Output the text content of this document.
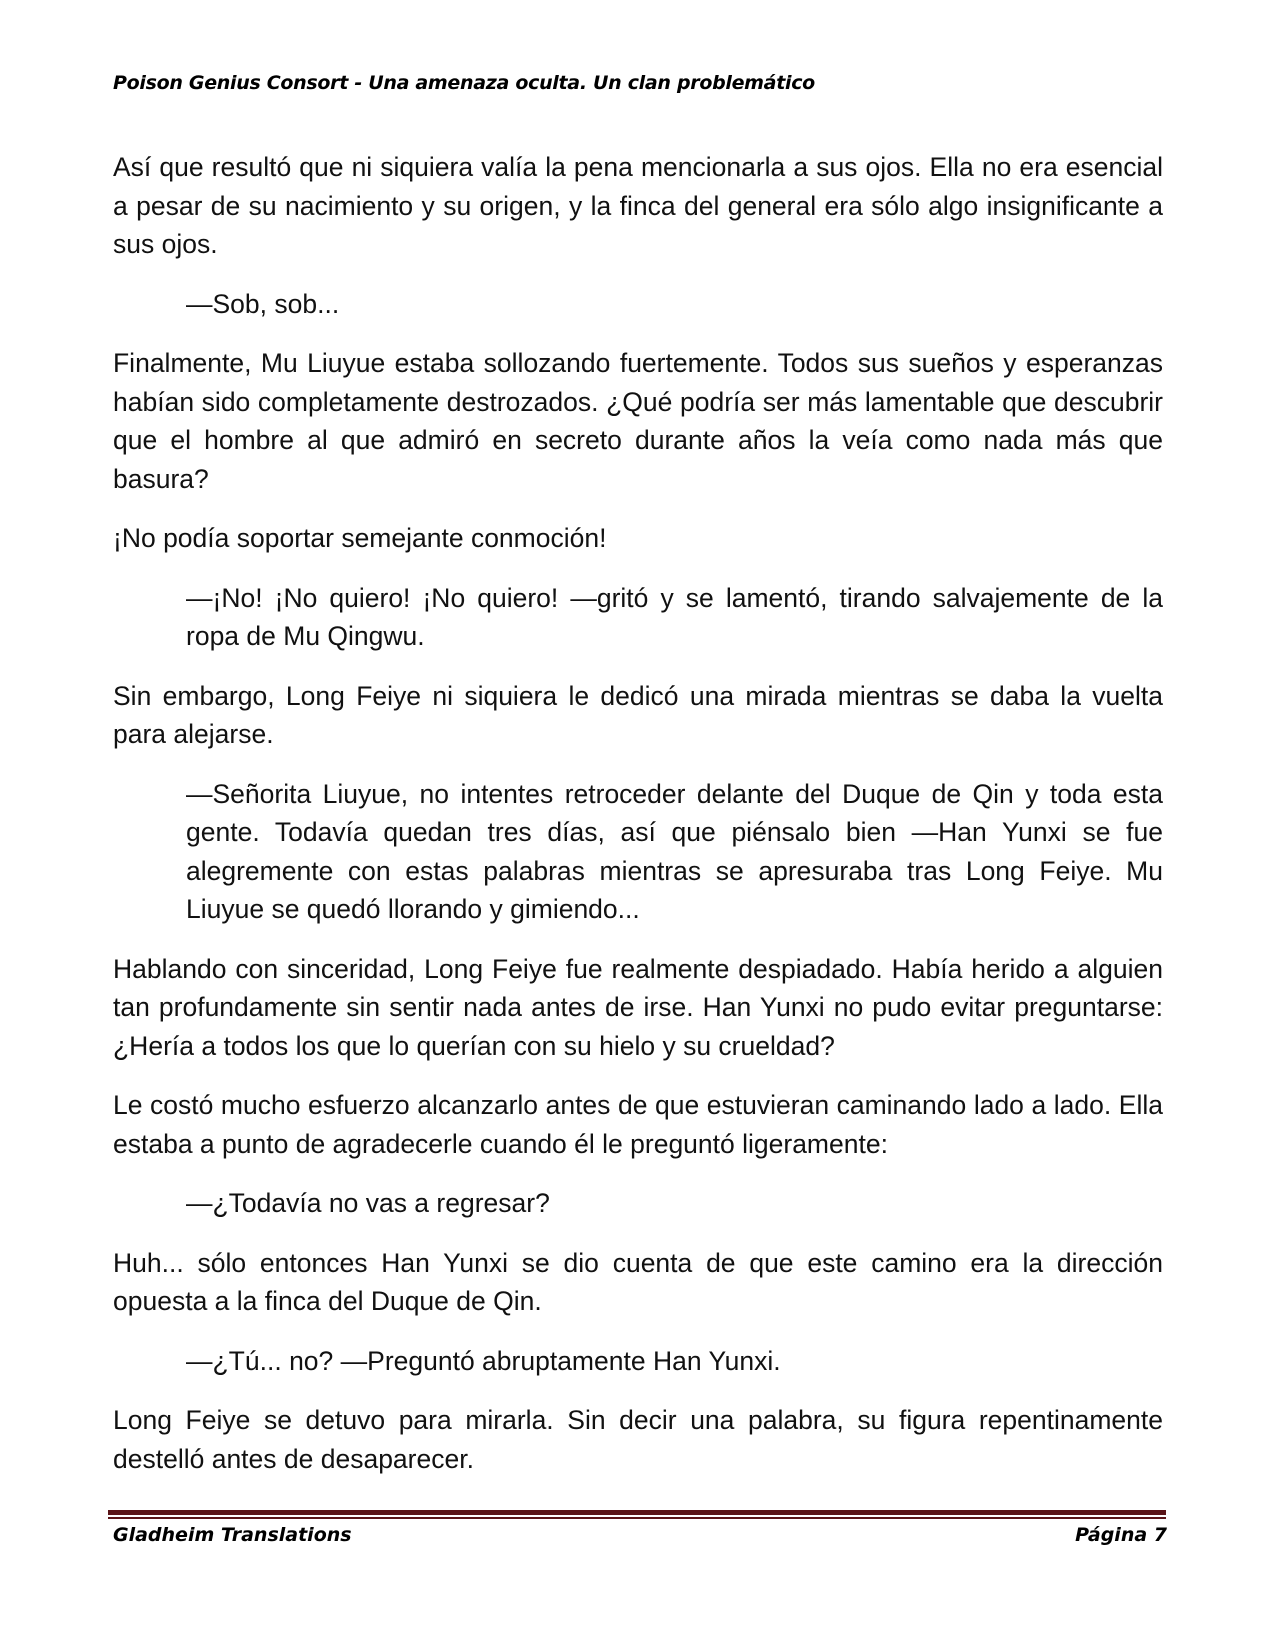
Poison Genius Consort - Una amenaza oculta. Un clan problemático

Así que resultó que ni siquiera valía la pena mencionarla a sus ojos. Ella no era esencial a pesar de su nacimiento y su origen, y la finca del general era sólo algo insignificante a sus ojos.

—Sob, sob...

Finalmente, Mu Liuyue estaba sollozando fuertemente. Todos sus sueños y esperanzas habían sido completamente destrozados. ¿Qué podría ser más lamentable que descubrir que el hombre al que admiró en secreto durante años la veía como nada más que basura?

¡No podía soportar semejante conmoción!

—¡No! ¡No quiero! ¡No quiero! —gritó y se lamentó, tirando salvajemente de la ropa de Mu Qingwu.

Sin embargo, Long Feiye ni siquiera le dedicó una mirada mientras se daba la vuelta para alejarse.

—Señorita Liuyue, no intentes retroceder delante del Duque de Qin y toda esta gente. Todavía quedan tres días, así que piénsalo bien —Han Yunxi se fue alegremente con estas palabras mientras se apresuraba tras Long Feiye. Mu Liuyue se quedó llorando y gimiendo...

Hablando con sinceridad, Long Feiye fue realmente despiadado. Había herido a alguien tan profundamente sin sentir nada antes de irse. Han Yunxi no pudo evitar preguntarse: ¿Hería a todos los que lo querían con su hielo y su crueldad?

Le costó mucho esfuerzo alcanzarlo antes de que estuvieran caminando lado a lado. Ella estaba a punto de agradecerle cuando él le preguntó ligeramente:

—¿Todavía no vas a regresar?

Huh... sólo entonces Han Yunxi se dio cuenta de que este camino era la dirección opuesta a la finca del Duque de Qin.

—¿Tú... no? —Preguntó abruptamente Han Yunxi.

Long Feiye se detuvo para mirarla. Sin decir una palabra, su figura repentinamente destelló antes de desaparecer.

Gladheim Translations	Página 7
